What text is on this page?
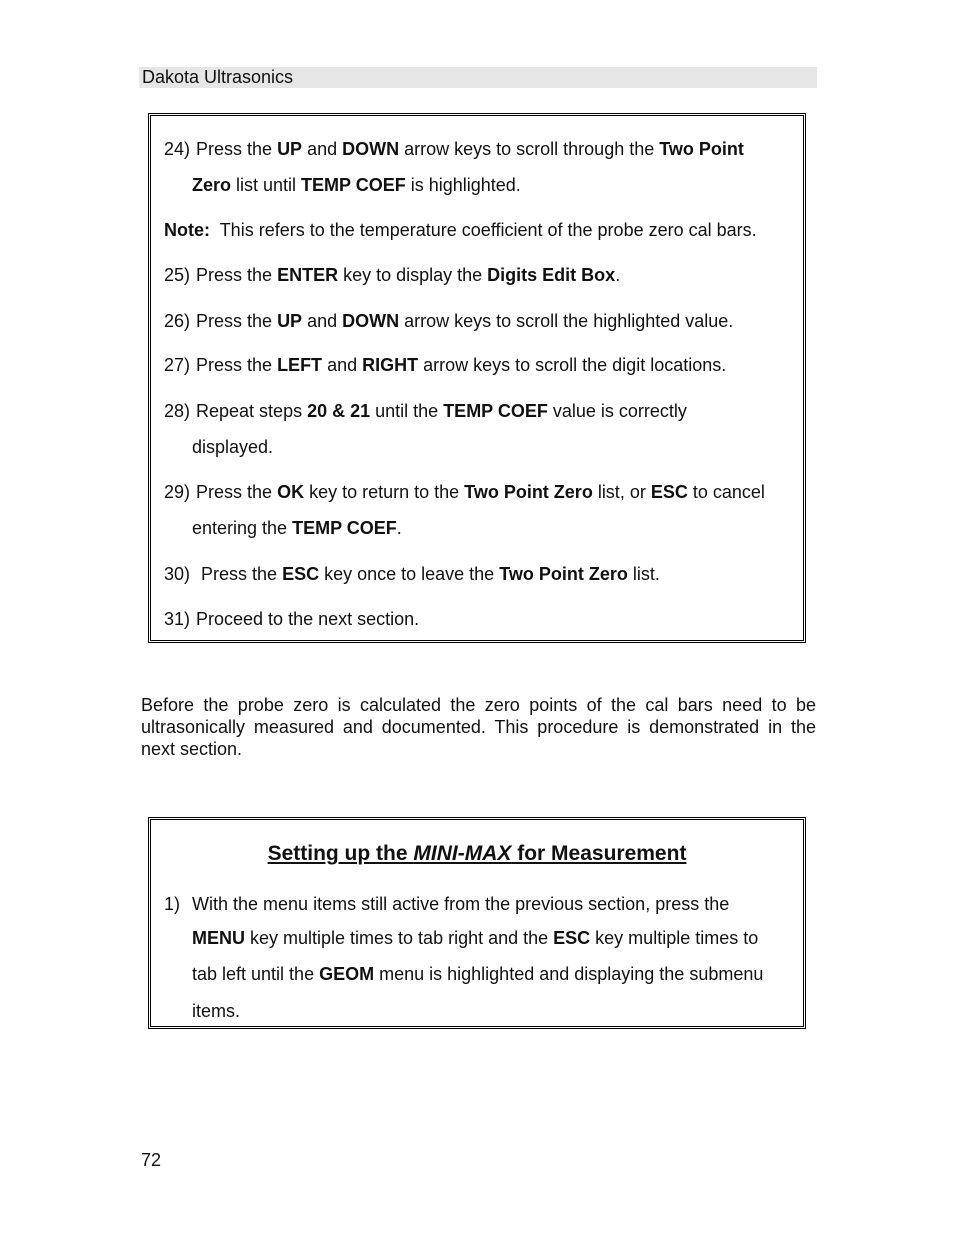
Dakota Ultrasonics
24) Press the UP and DOWN arrow keys to scroll through the Two Point
Zero list until TEMP COEF is highlighted.
Note: This refers to the temperature coefficient of the probe zero cal bars.
25) Press the ENTER key to display the Digits Edit Box.
26) Press the UP and DOWN arrow keys to scroll the highlighted value.
27) Press the LEFT and RIGHT arrow keys to scroll the digit locations.
28) Repeat steps 20 & 21 until the TEMP COEF value is correctly
displayed.
29) Press the OK key to return to the Two Point Zero list, or ESC to cancel
entering the TEMP COEF.
30) Press the ESC key once to leave the Two Point Zero list.
31) Proceed to the next section.
Before the probe zero is calculated the zero points of the cal bars need to be ultrasonically measured and documented. This procedure is demonstrated in the next section.
Setting up the MINI-MAX for Measurement
1) With the menu items still active from the previous section, press the
MENU key multiple times to tab right and the ESC key multiple times to
tab left until the GEOM menu is highlighted and displaying the submenu
items.
72
